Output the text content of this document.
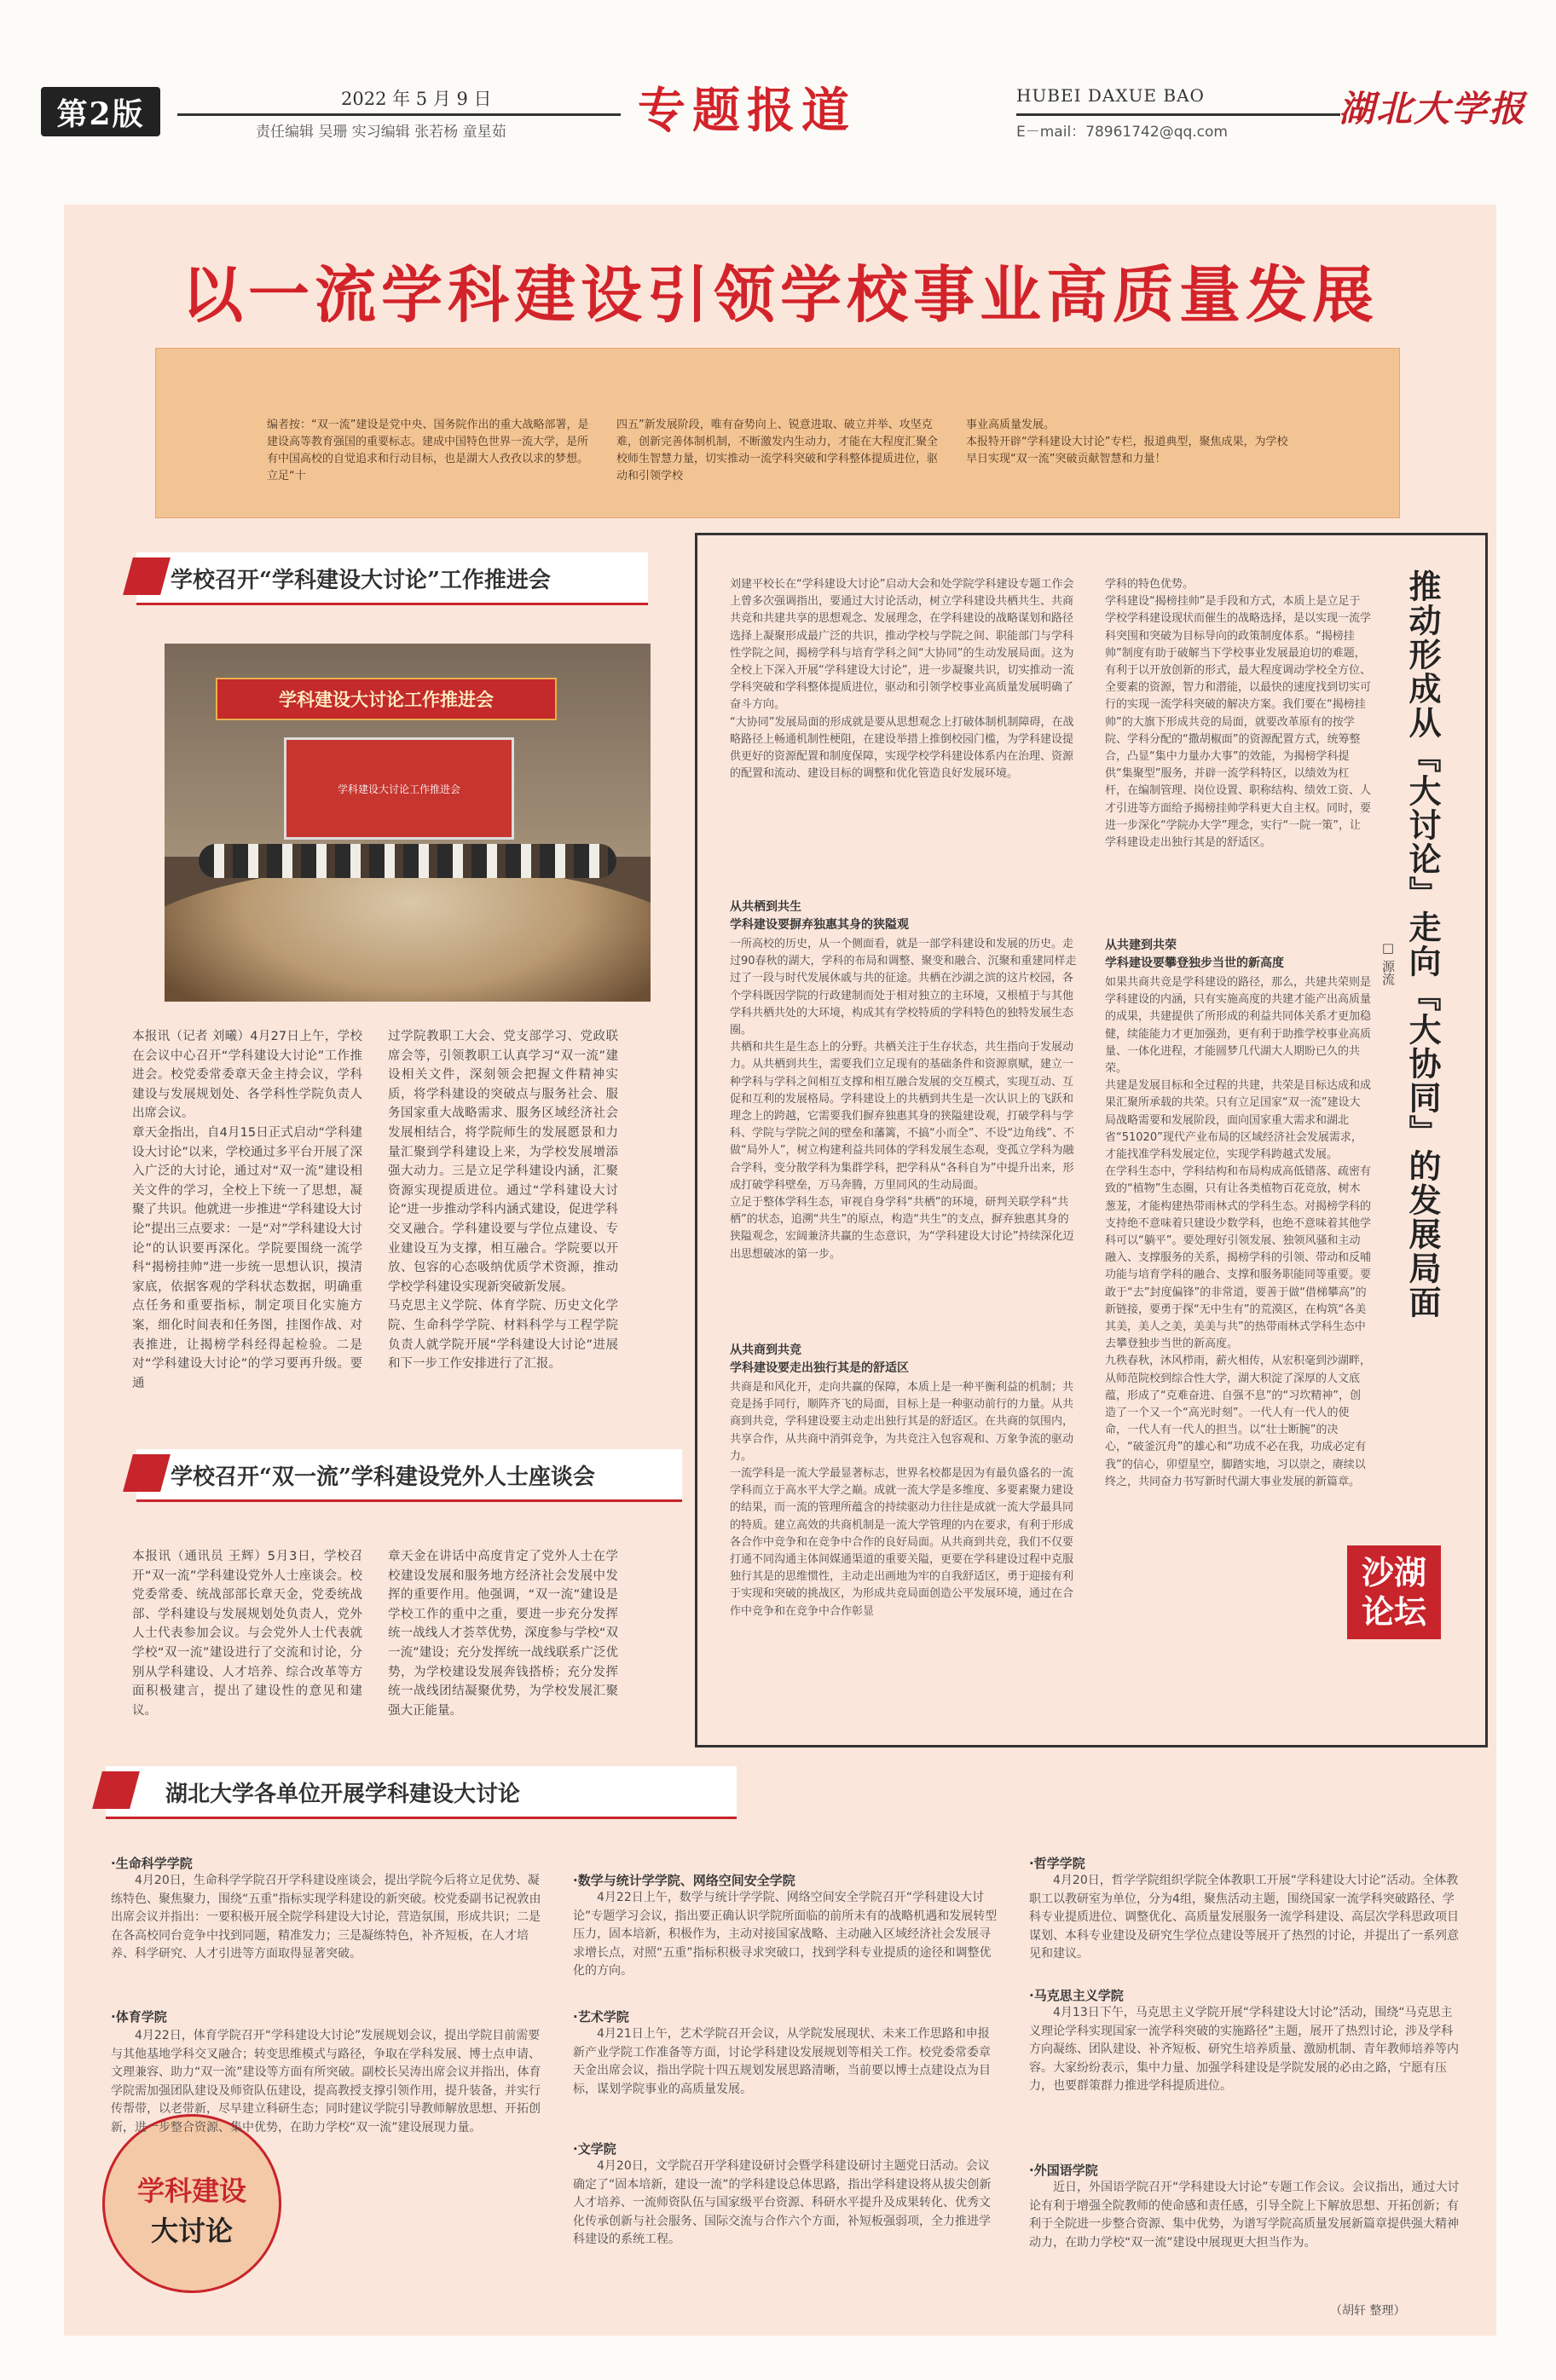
第2版	2022 年 5 月 9 日
责任编辑 吴珊 实习编辑 张若杨 童星茹	专题报道	HUBEI DAXUE BAO
E－mail：78961742@qq.com
湖北大学报
以一流学科建设引领学校事业高质量发展
编者按：“双一流”建设是党中央、国务院作出的重大战略部署，是建设高等教育强国的重要标志。建成中国特色世界一流大学，是所有中国高校的自觉追求和行动目标，也是湖大人孜孜以求的梦想。立足“十
四五”新发展阶段，唯有奋势向上、锐意进取、破立并举、攻坚克难，创新完善体制机制，不断激发内生动力，才能在大程度汇聚全校师生智慧力量，切实推动一流学科突破和学科整体提质进位，驱动和引领学校
事业高质量发展。
本报特开辟“学科建设大讨论”专栏，报道典型，聚焦成果，为学校早日实现“双一流”突破贡献智慧和力量！
学校召开“学科建设大讨论”工作推进会
学科建设大讨论工作推进会
学科建设大讨论工作推进会
本报讯（记者 刘曦）4月27日上午，学校在会议中心召开“学科建设大讨论”工作推进会。校党委常委章天金主持会议，学科建设与发展规划处、各学科性学院负责人出席会议。
章天金指出，自4月15日正式启动“学科建设大讨论”以来，学校通过多平台开展了深入广泛的大讨论，通过对“双一流”建设相关文件的学习，全校上下统一了思想，凝聚了共识。他就进一步推进“学科建设大讨论”提出三点要求：一是“对”学科建设大讨论”的认识要再深化。学院要围绕一流学科“揭榜挂帅”进一步统一思想认识，摸清家底，依据客观的学科状态数据，明确重点任务和重要指标，制定项目化实施方案，细化时间表和任务图，挂图作战、对表推进，让揭榜学科经得起检验。二是对“学科建设大讨论”的学习要再升级。要通
过学院教职工大会、党支部学习、党政联席会等，引领教职工认真学习“双一流”建设相关文件，深刻领会把握文件精神实质，将学科建设的突破点与服务社会、服务国家重大战略需求、服务区域经济社会发展相结合，将学院师生的发展愿景和力量汇聚到学科建设上来，为学校发展增添强大动力。三是立足学科建设内涵，汇聚资源实现提质进位。通过“学科建设大讨论”进一步推动学科内涵式建设，促进学科交叉融合。学科建设要与学位点建设、专业建设互为支撑，相互融合。学院要以开放、包容的心态吸纳优质学术资源，推动学校学科建设实现新突破新发展。
马克思主义学院、体育学院、历史文化学院、生命科学学院、材料科学与工程学院负责人就学院开展“学科建设大讨论”进展和下一步工作安排进行了汇报。
学校召开“双一流”学科建设党外人士座谈会
本报讯（通讯员 王辉）5月3日，学校召开“双一流”学科建设党外人士座谈会。校党委常委、统战部部长章天金，党委统战部、学科建设与发展规划处负责人，党外人士代表参加会议。与会党外人士代表就学校“双一流”建设进行了交流和讨论，分别从学科建设、人才培养、综合改革等方面积极建言，提出了建设性的意见和建议。
章天金在讲话中高度肯定了党外人士在学校建设发展和服务地方经济社会发展中发挥的重要作用。他强调，“双一流”建设是学校工作的重中之重，要进一步充分发挥统一战线人才荟萃优势，深度参与学校“双一流”建设；充分发挥统一战线联系广泛优势，为学校建设发展奔钱搭桥；充分发挥统一战线团结凝聚优势，为学校发展汇聚强大正能量。
刘建平校长在“学科建设大讨论”启动大会和处学院学科建设专题工作会上曾多次强调指出，要通过大讨论活动，树立学科建设共栖共生、共商共竞和共建共享的思想观念、发展理念，在学科建设的战略谋划和路径选择上凝聚形成最广泛的共识，推动学校与学院之间、职能部门与学科性学院之间，揭榜学科与培育学科之间“大协同”的生动发展局面。这为全校上下深入开展“学科建设大讨论”，进一步凝聚共识，切实推动一流学科突破和学科整体提质进位，驱动和引领学校事业高质量发展明确了奋斗方向。
“大协同”发展局面的形成就是要从思想观念上打破体制机制障碍，在战略路径上畅通机制性梗阻，在建设举措上推倒校园门槛，为学科建设提供更好的资源配置和制度保障，实现学校学科建设体系内在治理、资源的配置和流动、建设目标的调整和优化管造良好发展环境。
从共栖到共生
学科建设要摒弃独惠其身的狭隘观
一所高校的历史，从一个侧面看，就是一部学科建设和发展的历史。走过90春秋的湖大，学科的布局和调整、聚变和融合、沉聚和重建同样走过了一段与时代发展休戚与共的征途。共栖在沙湖之滨的这片校园，各个学科既因学院的行政建制而处于相对独立的主环境，又根植于与其他学科共栖共处的大环境，构成其有学校特质的学科特色的独特发展生态圈。
共栖和共生是生态上的分野。共栖关注于生存状态，共生指向于发展动力。从共栖到共生，需要我们立足现有的基础条件和资源禀赋，建立一种学科与学科之间相互支撑和相互融合发展的交互模式，实现互动、互促和互利的发展格局。学科建设上的共栖到共生是一次认识上的飞跃和理念上的跨越，它需要我们摒弃独惠其身的狭隘建设观，打破学科与学科、学院与学院之间的壁垒和藩篱，不搞“小而全”、不设“边角线”、不做“局外人”，树立构建利益共同体的学科发展生态观，变孤立学科为融合学科，变分散学科为集群学科，把学科从“各科自为”中提升出来，形成打破学科壁垒，万马奔腾，万里同风的生动局面。
立足于整体学科生态，审视自身学科“共栖”的环境，研判关联学科“共栖”的状态，追溯“共生”的原点，构造“共生”的支点，摒弃独惠其身的狭隘观念，宏阔兼济共赢的生态意识，为“学科建设大讨论”持续深化迈出思想破冰的第一步。
从共商到共竞
学科建设要走出独行其是的舒适区
共商是和风化开，走向共赢的保障，本质上是一种平衡利益的机制；共竞是扬手同行，顺阵齐飞的局面，目标上是一种驱动前行的力量。从共商到共竞，学科建设要主动走出独行其是的舒适区。在共商的氛围内，共享合作，从共商中消弭竞争，为共竞注入包容观和、万象争流的驱动力。
一流学科是一流大学最显著标志，世界名校都是因为有最负盛名的一流学科而立于高水平大学之巅。成就一流大学是多维度、多要素聚力建设的结果，而一流的管理所蕴含的持续驱动力往往是成就一流大学最具同的特质。建立高效的共商机制是一流大学管理的内在要求，有利于形成各合作中竞争和在竞争中合作的良好局面。从共商到共竞，我们不仅要打通不同沟通主体间媒通渠道的重要关隘，更要在学科建设过程中克服独行其是的思维惯性，主动走出画地为牢的自我舒适区，勇于迎接有利于实现和突破的挑战区，为形成共竞局面创造公平发展环境，通过在合作中竞争和在竞争中合作彰显
学科的特色优势。
学科建设“揭榜挂帅”是手段和方式，本质上是立足于学校学科建设现状而催生的战略选择，是以实现一流学科突围和突破为目标导向的政策制度体系。“揭榜挂帅”制度有助于破解当下学校事业发展最迫切的难题，有利于以开放创新的形式，最大程度调动学校全方位、全要素的资源，智力和潜能，以最快的速度找到切实可行的实现一流学科突破的解决方案。我们要在“揭榜挂帅”的大旗下形成共竞的局面，就要改革原有的按学院、学科分配的“撒胡椒面”的资源配置方式，统筹整合，凸显“集中力量办大事”的效能，为揭榜学科提供“集聚型”服务，并辟一流学科特区，以绩效为杠杆，在编制管理、岗位设置、职称结构、绩效工资、人才引进等方面给予揭榜挂帅学科更大自主权。同时，要进一步深化“学院办大学”理念，实行“一院一策”，让学科建设走出独行其是的舒适区。
从共建到共荣
学科建设要攀登独步当世的新高度
如果共商共竞是学科建设的路径，那么，共建共荣则是学科建设的内涵，只有实施高度的共建才能产出高质量的成果，共建提供了所形成的利益共同体关系才更加稳健，续能能力才更加强劲，更有利于助推学校事业高质量、一体化进程，才能圆梦几代湖大人期盼已久的共荣。
共建是发展目标和全过程的共建，共荣是目标达成和成果汇聚所承载的共荣。只有立足国家“双一流”建设大局战略需要和发展阶段，面向国家重大需求和湖北省“51020”现代产业布局的区域经济社会发展需求，才能找准学科发展定位，实现学科跨越式发展。
在学科生态中，学科结构和布局构成高低错落、疏密有致的“植物”生态圈，只有让各类植物百花竞放，树木葱茏，才能构建热带雨林式的学科生态。对揭榜学科的支持绝不意味着只建设少数学科，也绝不意味着其他学科可以“躺平”。要处理好引领发展、独领风骚和主动融入、支撑服务的关系，揭榜学科的引领、带动和反哺功能与培育学科的融合、支撑和服务职能同等重要。要敢于“去”封度偏锋”的非常道，要善于做“借梯攀高”的新链接，要勇于探“无中生有”的荒漠区，在构筑“各美其美，美人之美，美美与共”的热带雨林式学科生态中去攀登独步当世的新高度。
九秩春秋，沐风栉雨，薪火相传，从宏积毫到沙湖畔，从师范院校到综合性大学，湖大积淀了深厚的人文底蕴，形成了“克难奋进、自强不息”的“习坎精神”，创造了一个又一个“高光时刻”。一代人有一代人的使命，一代人有一代人的担当。以“壮士断腕”的决心，“破釜沉舟”的雄心和“功成不必在我，功成必定有我”的信心，卯望星空，脚踏实地，习以崇之，赓续以终之，共同奋力书写新时代湖大事业发展的新篇章。
推动形成从『大讨论』走向『大协同』的发展局面
□ 源流
沙湖论坛
湖北大学各单位开展学科建设大讨论
学科建设
大讨论
·生命科学学院
4月20日，生命科学学院召开学科建设座谈会，提出学院今后将立足优势、凝练特色、聚焦聚力，围绕“五重”指标实现学科建设的新突破。校党委副书记祝敦由出席会议并指出：一要积极开展全院学科建设大讨论，营造氛围，形成共识；二是在各高校同台竞争中找到同题，精准发力；三是凝练特色，补齐短板，在人才培养、科学研究、人才引进等方面取得显著突破。
·体育学院
4月22日，体育学院召开“学科建设大讨论”发展规划会议，提出学院目前需要与其他基地学科交叉融合；转变思维模式与路径，争取在学科发展、博士点申请、文理兼容、助力“双一流”建设等方面有所突破。副校长吴涛出席会议并指出，体育学院需加强团队建设及师资队伍建设，提高教授支撑引领作用，提升装备，并实行传帮带，以老带新，尽早建立科研生态；同时建议学院引导教师解放思想、开拓创新，进一步整合资源、集中优势，在助力学校“双一流”建设展现力量。
·数学与统计学学院、网络空间安全学院
4月22日上午，数学与统计学学院、网络空间安全学院召开“学科建设大讨论”专题学习会议，指出要正确认识学院所面临的前所未有的战略机遇和发展转型压力，固本培新，积极作为，主动对接国家战略、主动融入区域经济社会发展寻求增长点，对照“五重”指标积极寻求突破口，找到学科专业提质的途径和调整优化的方向。
·艺术学院
4月21日上午，艺术学院召开会议，从学院发展现状、未来工作思路和申报新产业学院工作准备等方面，讨论学科建设发展规划等相关工作。校党委常委章天金出席会议，指出学院十四五规划发展思路清晰，当前要以博士点建设点为目标，谋划学院事业的高质量发展。
·文学院
4月20日，文学院召开学科建设研讨会暨学科建设研讨主题党日活动。会议确定了“固本培新，建设一流”的学科建设总体思路，指出学科建设将从拔尖创新人才培养、一流师资队伍与国家级平台资源、科研水平提升及成果转化、优秀文化传承创新与社会服务、国际交流与合作六个方面，补短板强弱项，全力推进学科建设的系统工程。
·哲学学院
4月20日，哲学学院组织学院全体教职工开展“学科建设大讨论”活动。全体教职工以教研室为单位，分为4组，聚焦活动主题，围绕国家一流学科突破路径、学科专业提质进位、调整优化、高质量发展服务一流学科建设、高层次学科思政项目谋划、本科专业建设及研究生学位点建设等展开了热烈的讨论，并提出了一系列意见和建议。
·马克思主义学院
4月13日下午，马克思主义学院开展“学科建设大讨论”活动，围绕“马克思主义理论学科实现国家一流学科突破的实施路径”主题，展开了热烈讨论，涉及学科方向凝练、团队建设、补齐短板、研究生培养质量、激励机制、青年教师培养等内容。大家纷纷表示，集中力量、加强学科建设是学院发展的必由之路，宁愿有压力，也要群策群力推进学科提质进位。
·外国语学院
近日，外国语学院召开“学科建设大讨论”专题工作会议。会议指出，通过大讨论有利于增强全院教师的使命感和责任感，引导全院上下解放思想、开拓创新；有利于全院进一步整合资源、集中优势，为谱写学院高质量发展新篇章提供强大精神动力，在助力学校“双一流”建设中展现更大担当作为。
（胡轩 整理）
